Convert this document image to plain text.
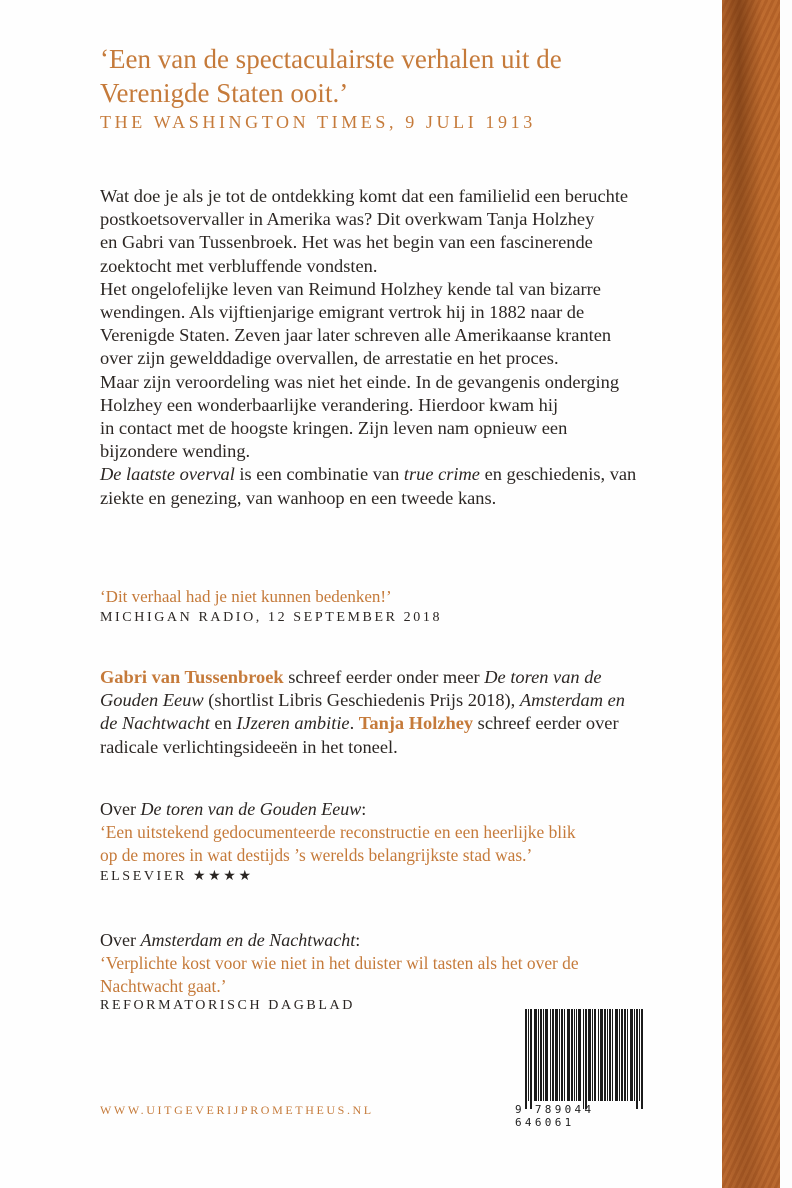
‘Een van de spectaculairste verhalen uit de
Verenigde Staten ooit.’
THE WASHINGTON TIMES, 9 JULI 1913

Wat doe je als je tot de ontdekking komt dat een familielid een beruchte

postkoetsovervaller in Amerika was? Dit overkwam Tanja Holzhey

en Gabri van Tussenbroek. Het was het begin van een fascinerende

zoektocht met verbluffende vondsten.

Het ongelofelijke leven van Reimund Holzhey kende tal van bizarre

wendingen. Als vijftienjarige emigrant vertrok hij in 1882 naar de

Verenigde Staten. Zeven jaar later schreven alle Amerikaanse kranten

over zijn gewelddadige overvallen, de arrestatie en het proces.

Maar zijn veroordeling was niet het einde. In de gevangenis onderging

Holzhey een wonderbaarlijke verandering. Hierdoor kwam hij

in contact met de hoogste kringen. Zijn leven nam opnieuw een

bijzondere wending.

De laatste overval is een combinatie van true crime en geschiedenis, van

ziekte en genezing, van wanhoop en een tweede kans.

‘Dit verhaal had je niet kunnen bedenken!’
MICHIGAN RADIO, 12 SEPTEMBER 2018

Gabri van Tussenbroek schreef eerder onder meer De toren van de

Gouden Eeuw (shortlist Libris Geschiedenis Prijs 2018), Amsterdam en

de Nachtwacht en IJzeren ambitie. Tanja Holzhey schreef eerder over

radicale verlichtingsideeën in het toneel.

Over De toren van de Gouden Eeuw:
‘Een uitstekend gedocumenteerde reconstructie en een heerlijke blik
op de mores in wat destijds ’s werelds belangrijkste stad was.’
ELSEVIER ★★★★
Over Amsterdam en de Nachtwacht:
‘Verplichte kost voor wie niet in het duister wil tasten als het over de
Nachtwacht gaat.’
REFORMATORISCH DAGBLAD
WWW.UITGEVERIJPROMETHEUS.NL	9 789044 646061
